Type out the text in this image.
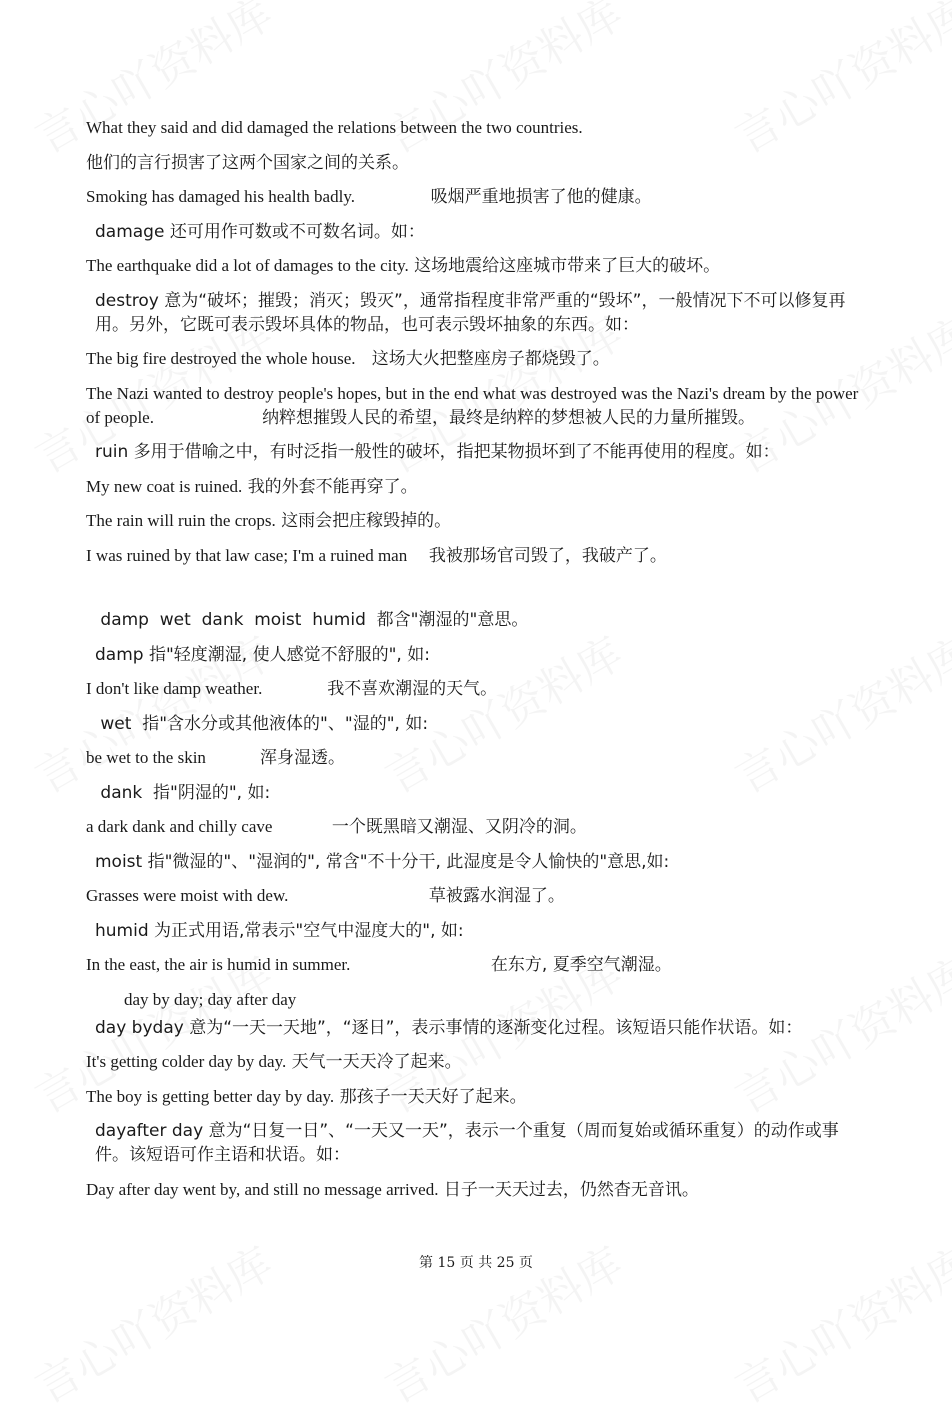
What they said and did damaged the relations between the two countries.
他们的言行损害了这两个国家之间的关系。
Smoking has damaged his health badly.	吸烟严重地损害了他的健康。
damage 还可用作可数或不可数名词。如：
The earthquake did a lot of damages to the city. 这场地震给这座城市带来了巨大的破坏。
destroy 意为“破坏；摧毁；消灭；毁灭”，通常指程度非常严重的“毁坏”，一般情况下不可以修复再用。另外，它既可表示毁坏具体的物品，也可表示毁坏抽象的东西。如：
The big fire destroyed the whole house. 这场大火把整座房子都烧毁了。
The Nazi wanted to destroy people's hopes, but in the end what was destroyed was the Nazi's dream by the power of people.	纳粹想摧毁人民的希望，最终是纳粹的梦想被人民的力量所摧毁。
ruin 多用于借喻之中，有时泛指一般性的破坏，指把某物损坏到了不能再使用的程度。如：
My new coat is ruined. 我的外套不能再穿了。
The rain will ruin the crops. 这雨会把庄稼毁掉的。
I was ruined by that law case; I'm a ruined man 我被那场官司毁了，我破产了。
damp  wet  dank  moist  humid  都含"潮湿的"意思。
damp 指"轻度潮湿, 使人感觉不舒服的", 如:
I don't like damp weather.	我不喜欢潮湿的天气。
wet  指"含水分或其他液体的"、"湿的", 如:
be wet to the skin	浑身湿透。
dank  指"阴湿的", 如:
a dark dank and chilly cave	一个既黑暗又潮湿、又阴冷的洞。
moist 指"微湿的"、"湿润的", 常含"不十分干, 此湿度是令人愉快的"意思,如:
Grasses were moist with dew.	草被露水润湿了。
humid 为正式用语,常表示"空气中湿度大的", 如:
In the east, the air is humid in summer.	在东方, 夏季空气潮湿。
day by day; day after day
day byday 意为“一天一天地”，“逐日”，表示事情的逐渐变化过程。该短语只能作状语。如：
It's getting colder day by day. 天气一天天冷了起来。
The boy is getting better day by day. 那孩子一天天好了起来。
dayafter day 意为“日复一日”、“一天又一天”，表示一个重复（周而复始或循环重复）的动作或事件。该短语可作主语和状语。如：
Day after day went by, and still no message arrived. 日子一天天过去，仍然杳无音讯。
第 15 页 共 25 页
